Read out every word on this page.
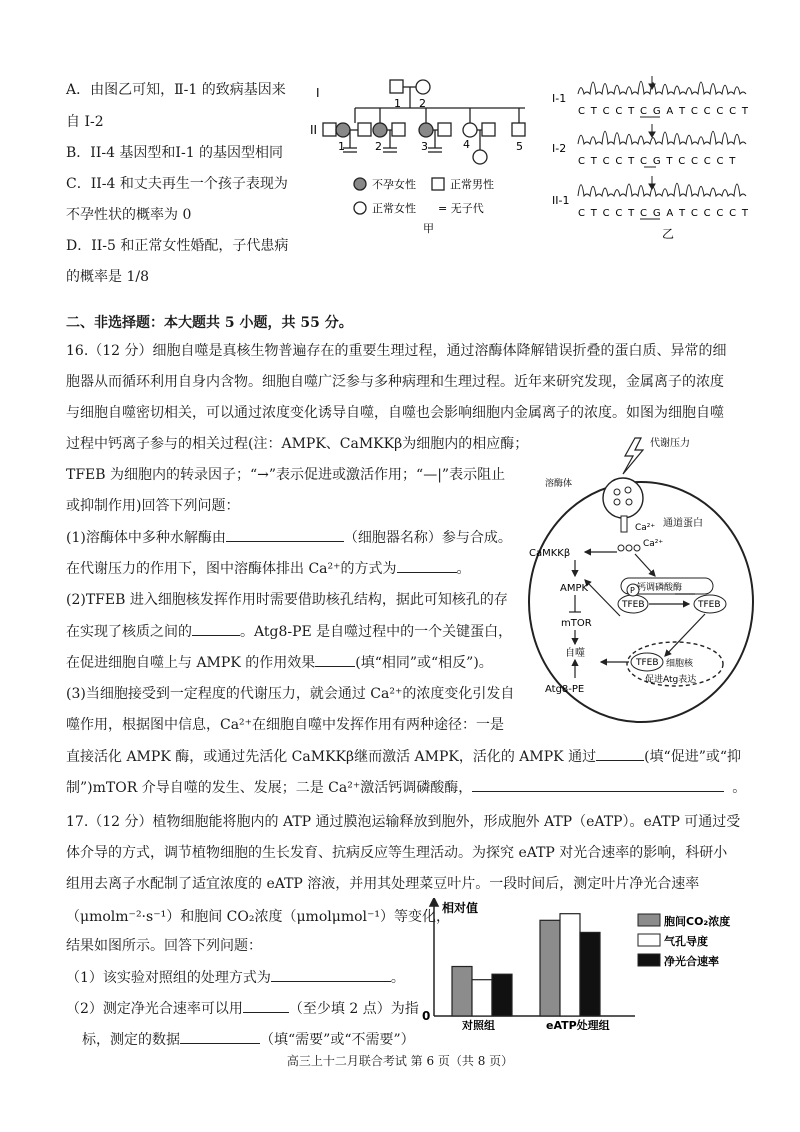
A．由图乙可知，Ⅱ-1 的致病基因来
自 I-2
B．II-4 基因型和I-1 的基因型相同
C．II-4 和丈夫再生一个孩子表现为
不孕性状的概率为 0
D．II-5 和正常女性婚配，子代患病
的概率是 1/8
I
II
1 2
1	2	3	4	5
不孕女性	正常男性
正常女性 = 无子代
甲
I-1
C T C C T C G A T C C C C T
I-2
C T C C T C G T C C C C T
II-1
C T C C T C G A T C C C C T
乙
二、非选择题：本大题共 5 小题，共 55 分。
16.（12 分）细胞自噬是真核生物普遍存在的重要生理过程，通过溶酶体降解错误折叠的蛋白质、异常的细
胞器从而循环利用自身内含物。细胞自噬广泛参与多种病理和生理过程。近年来研究发现，金属离子的浓度
与细胞自噬密切相关，可以通过浓度变化诱导自噬，自噬也会影响细胞内金属离子的浓度。如图为细胞自噬
过程中钙离子参与的相关过程(注：AMPK、CaMKKβ为细胞内的相应酶；
TFEB 为细胞内的转录因子；“→”表示促进或激活作用；“—|”表示阻止
或抑制作用)回答下列问题：
(1)溶酶体中多种水解酶由	（细胞器名称）参与合成。
在代谢压力的作用下，图中溶酶体排出 Ca²⁺的方式为	。
(2)TFEB 进入细胞核发挥作用时需要借助核孔结构，据此可知核孔的存
在实现了核质之间的	。Atg8-PE 是自噬过程中的一个关键蛋白，
在促进细胞自噬上与 AMPK 的作用效果	(填“相同”或“相反”)。
(3)当细胞接受到一定程度的代谢压力，就会通过 Ca²⁺的浓度变化引发自
噬作用，根据图中信息，Ca²⁺在细胞自噬中发挥作用有两种途径：一是
直接活化 AMPK 酶，或通过先活化 CaMKKβ继而激活 AMPK，活化的 AMPK 通过	(填“促进”或“抑
制”)mTOR 介导自噬的发生、发展；二是 Ca²⁺激活钙调磷酸酶，	。
代谢压力
溶酶体
Ca²⁺ 通道蛋白
Ca²⁺
CaMKKβ
钙调磷酸酶
AMPK	P
TFEB	TFEB
mTOR
自噬
Atg8-PE
TFEB 细胞核
促进Atg表达
17.（12 分）植物细胞能将胞内的 ATP 通过膜泡运输释放到胞外，形成胞外 ATP（eATP）。eATP 可通过受
体介导的方式，调节植物细胞的生长发育、抗病反应等生理活动。为探究 eATP 对光合速率的影响，科研小
组用去离子水配制了适宜浓度的 eATP 溶液，并用其处理菜豆叶片。一段时间后，测定叶片净光合速率
（μmolm⁻²·s⁻¹）和胞间 CO₂浓度（μmolμmol⁻¹）等变化，
结果如图所示。回答下列问题：
（1）该实验对照组的处理方式为	。
（2）测定净光合速率可以用	（至少填 2 点）为指
标，测定的数据	（填“需要”或“不需要”）
胞间CO₂浓度
气孔导度
净光合速率
相对值
0
对照组	eATP处理组
高三上十二月联合考试 第 6 页（共 8 页）
